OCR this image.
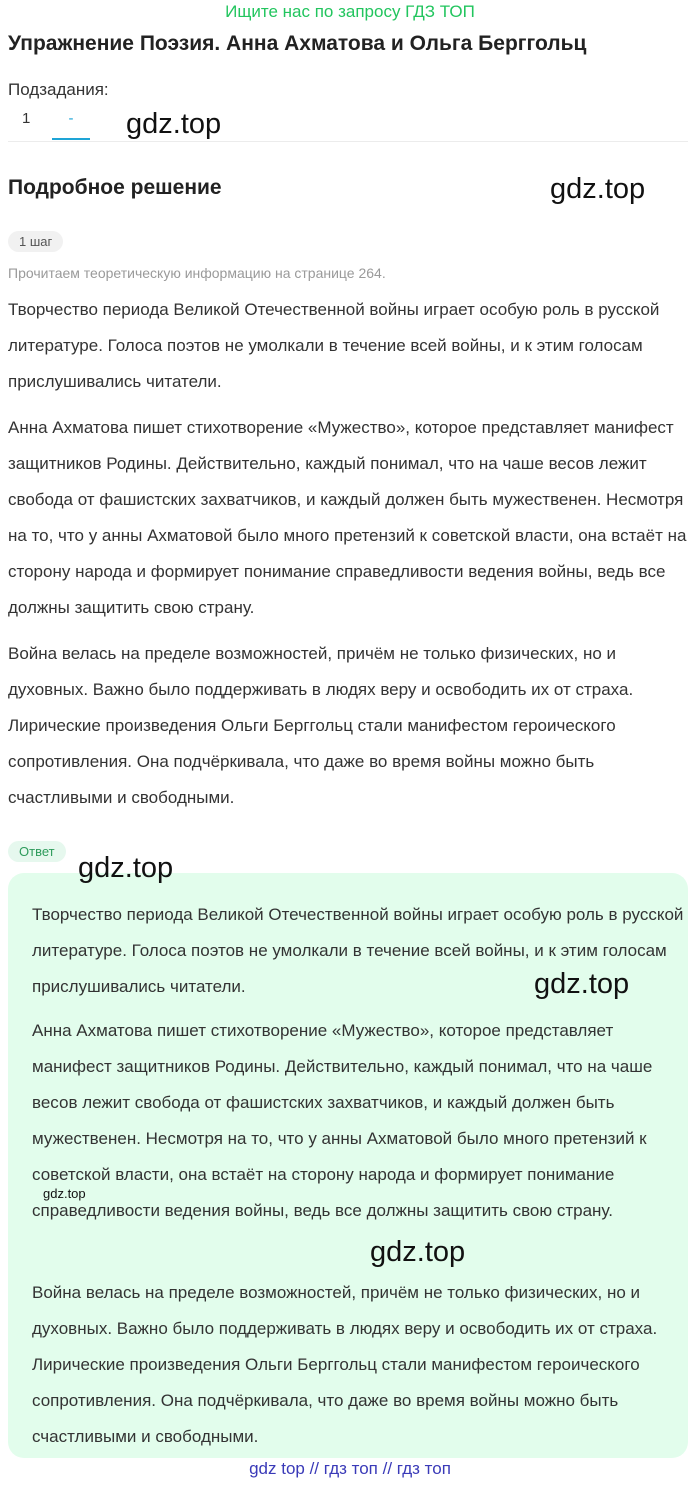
Ищите нас по запросу ГДЗ ТОП
Упражнение Поэзия. Анна Ахматова и Ольга Берггольц
Подзадания:
1	-	gdz.top
Подробное решение	gdz.top
1 шаг
Прочитаем теоретическую информацию на странице 264.

Творчество периода Великой Отечественной войны играет особую роль в русской литературе. Голоса поэтов не умолкали в течение всей войны, и к этим голосам прислушивались читатели.

Анна Ахматова пишет стихотворение «Мужество», которое представляет манифест защитников Родины. Действительно, каждый понимал, что на чаше весов лежит свобода от фашистских захватчиков, и каждый должен быть мужественен. Несмотря на то, что у анны Ахматовой было много претензий к советской власти, она встаёт на сторону народа и формирует понимание справедливости ведения войны, ведь все должны защитить свою страну.

Война велась на пределе возможностей, причём не только физических, но и духовных. Важно было поддерживать в людях веру и освободить их от страха. Лирические произведения Ольги Берггольц стали манифестом героического сопротивления. Она подчёркивала, что даже во время войны можно быть счастливыми и свободными.

Ответ
gdz.top

Творчество периода Великой Отечественной войны играет особую роль в русской литературе. Голоса поэтов не умолкали в течение всей войны, и к этим голосам прислушивались читатели.	gdz.top

Анна Ахматова пишет стихотворение «Мужество», которое представляет манифест защитников Родины. Действительно, каждый понимал, что на чаше весов лежит свобода от фашистских захватчиков, и каждый должен быть мужественен. Несмотря на то, что у анны Ахматовой было много претензий к советской власти, она встаёт на сторону народа и формирует понимание справедливости ведения войны, ведь все должны защитить свою страну.

gdz.top
gdz.top

Война велась на пределе возможностей, причём не только физических, но и духовных. Важно было поддерживать в людях веру и освободить их от страха. Лирические произведения Ольги Берггольц стали манифестом героического сопротивления. Она подчёркивала, что даже во время войны можно быть счастливыми и свободными.

gdz top // гдз топ // гдз топ
